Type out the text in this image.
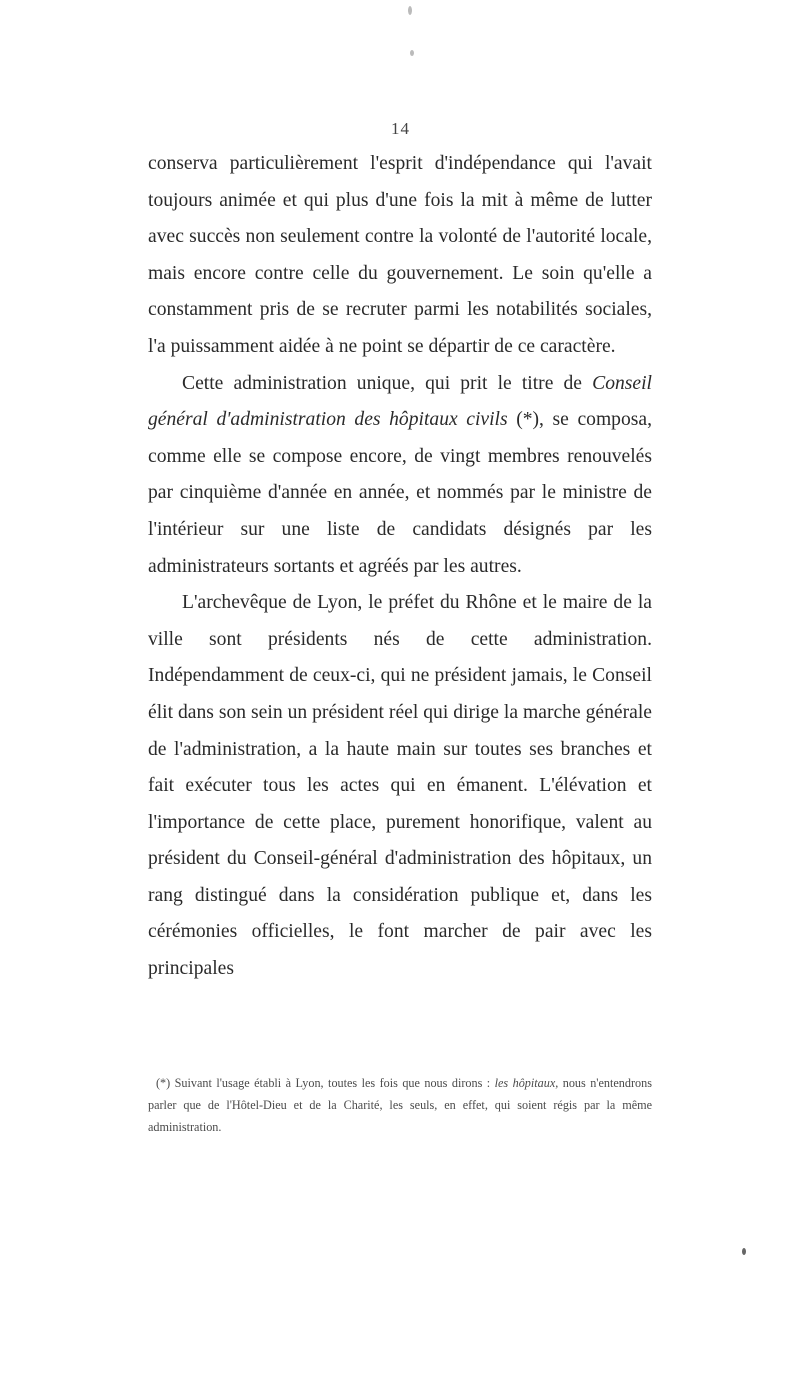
14

conserva particulièrement l'esprit d'indépendance qui l'avait toujours animée et qui plus d'une fois la mit à même de lutter avec succès non seulement contre la volonté de l'autorité locale, mais encore contre celle du gouvernement. Le soin qu'elle a constamment pris de se recruter parmi les notabilités sociales, l'a puissamment aidée à ne point se départir de ce caractère.

Cette administration unique, qui prit le titre de Conseil général d'administration des hôpitaux civils (*), se composa, comme elle se compose encore, de vingt membres renouvelés par cinquième d'année en année, et nommés par le ministre de l'intérieur sur une liste de candidats désignés par les administrateurs sortants et agréés par les autres.

L'archevêque de Lyon, le préfet du Rhône et le maire de la ville sont présidents nés de cette administration. Indépendamment de ceux-ci, qui ne président jamais, le Conseil élit dans son sein un président réel qui dirige la marche générale de l'administration, a la haute main sur toutes ses branches et fait exécuter tous les actes qui en émanent. L'élévation et l'importance de cette place, purement honorifique, valent au président du Conseil-général d'administration des hôpitaux, un rang distingué dans la considération publique et, dans les cérémonies officielles, le font marcher de pair avec les principales

(*) Suivant l'usage établi à Lyon, toutes les fois que nous dirons : les hôpitaux, nous n'entendrons parler que de l'Hôtel-Dieu et de la Charité, les seuls, en effet, qui soient régis par la même administration.
